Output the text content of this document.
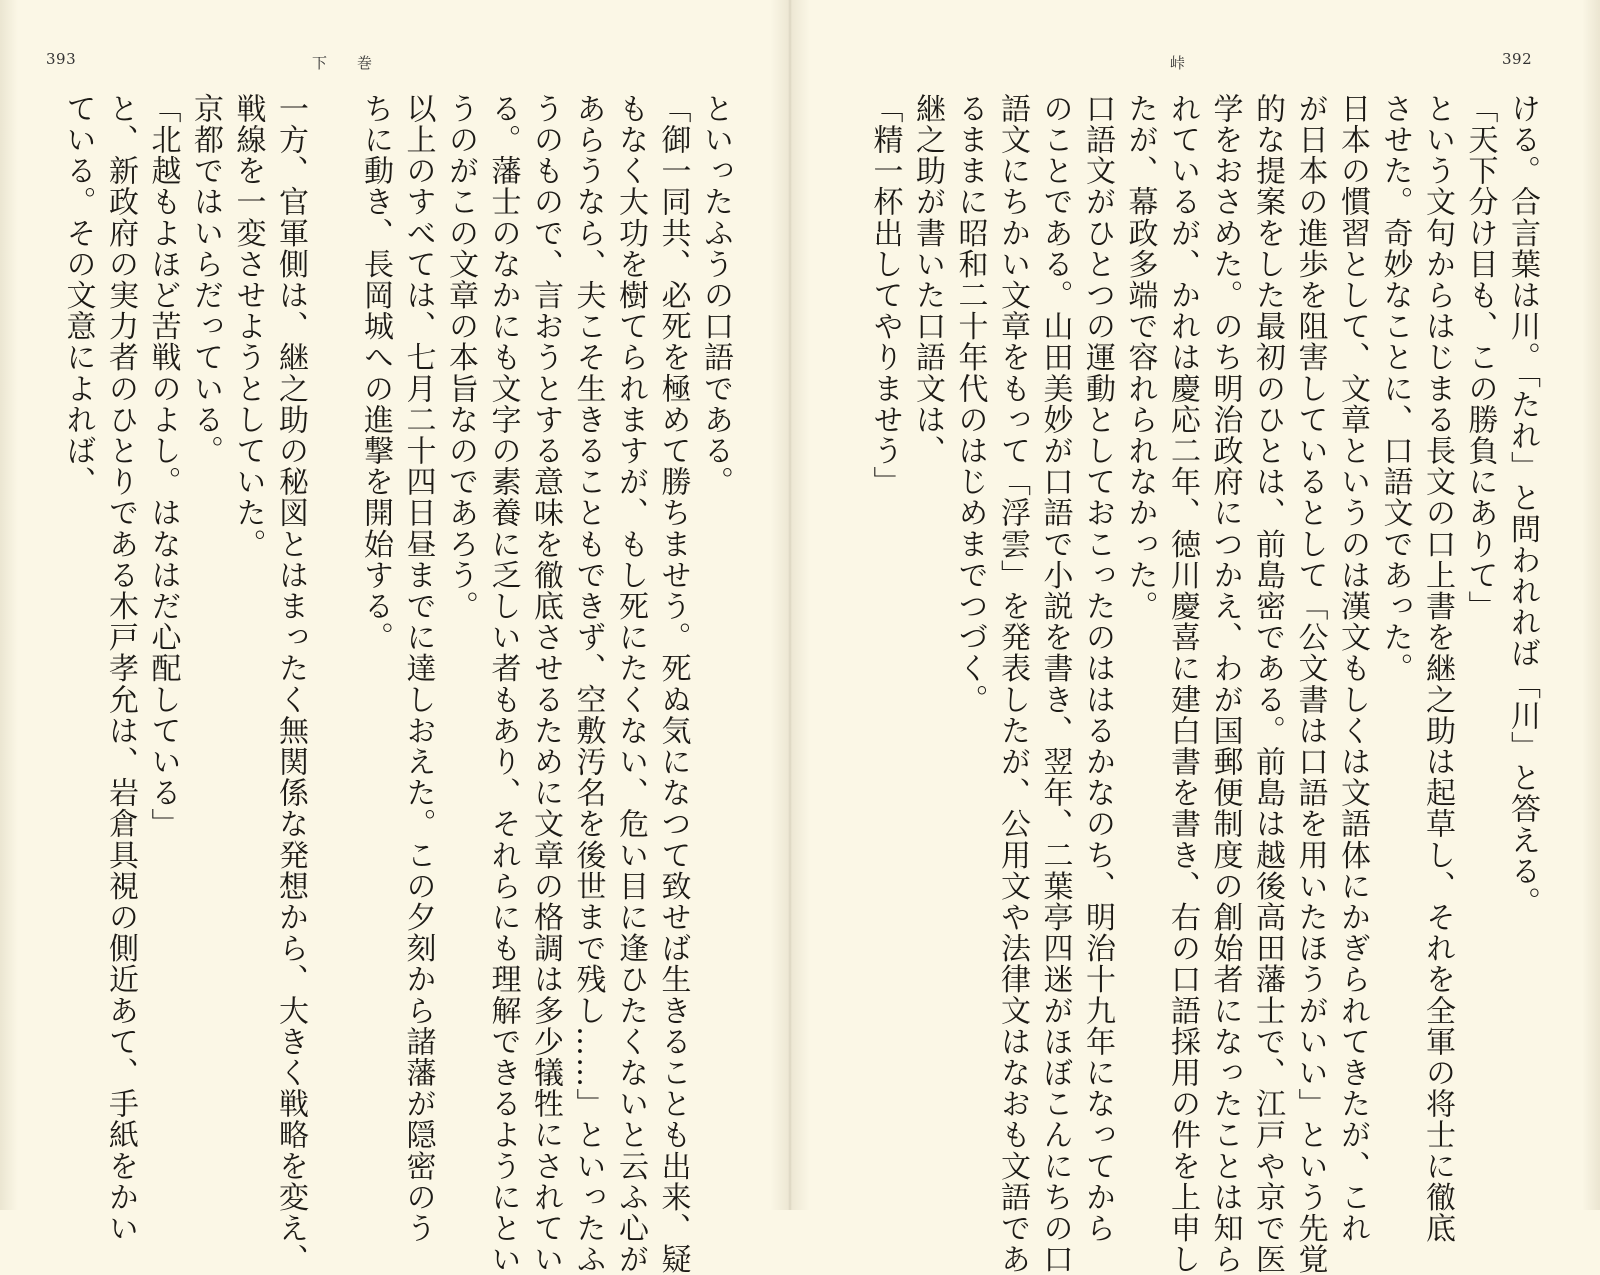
393	下　　巻
といったふうの口語である。
「御一同共、必死を極めて勝ちませう。死ぬ気になつて致せば生きることも出来、疑
もなく大功を樹てられますが、もし死にたくない、危い目に逢ひたくないと云ふ心が
あらうなら、夫こそ生きることもできず、空敷汚名を後世まで残し……」といったふ
うのもので、言おうとする意味を徹底させるために文章の格調は多少犠牲にされてい
る。藩士のなかにも文字の素養に乏しい者もあり、それらにも理解できるようにとい
うのがこの文章の本旨なのであろう。
以上のすべては、七月二十四日昼までに達しおえた。この夕刻から諸藩が隠密のう
ちに動き、長岡城への進撃を開始する。
一方、官軍側は、継之助の秘図とはまったく無関係な発想から、大きく戦略を変え、
戦線を一変させようとしていた。
京都ではいらだっている。
「北越もよほど苦戦のよし。はなはだ心配している」
と、新政府の実力者のひとりである木戸孝允は、岩倉具視の側近あて、手紙をかい
ている。その文意によれば、
峠	392
ける。合言葉は川。「たれ」と問われれば「川」と答える。
「天下分け目も、この勝負にありて」
という文句からはじまる長文の口上書を継之助は起草し、それを全軍の将士に徹底
させた。奇妙なことに、口語文であった。
日本の慣習として、文章というのは漢文もしくは文語体にかぎられてきたが、これ
が日本の進歩を阻害しているとして「公文書は口語を用いたほうがいい」という先覚
的な提案をした最初のひとは、前島密である。前島は越後高田藩士で、江戸や京で医
学をおさめた。のち明治政府につかえ、わが国郵便制度の創始者になったことは知ら
れているが、かれは慶応二年、徳川慶喜に建白書を書き、右の口語採用の件を上申し
たが、幕政多端で容れられなかった。
口語文がひとつの運動としておこったのははるかなのち、明治十九年になってから
のことである。山田美妙が口語で小説を書き、翌年、二葉亭四迷がほぼこんにちの口
語文にちかい文章をもって「浮雲」を発表したが、公用文や法律文はなおも文語であ
るままに昭和二十年代のはじめまでつづく。
継之助が書いた口語文は、
「精一杯出してやりませう」
